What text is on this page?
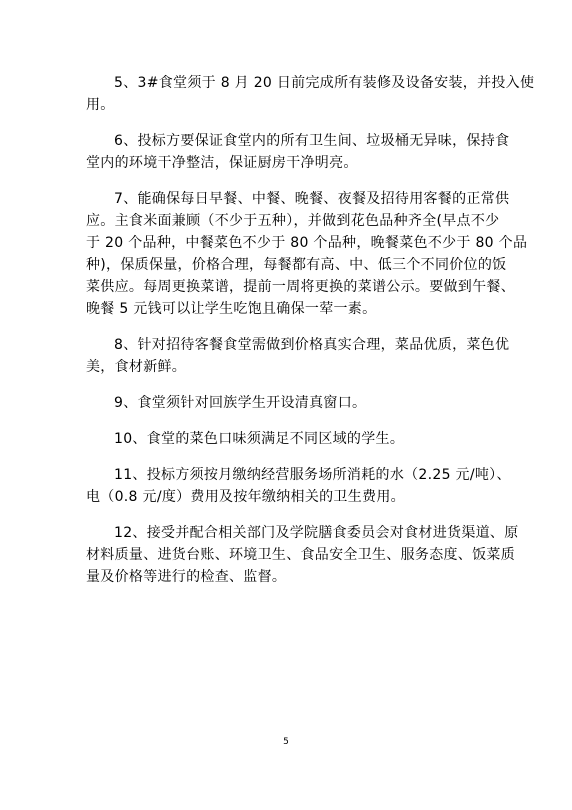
5、3#食堂须于 8 月 20 日前完成所有装修及设备安装，并投入使
用。

6、投标方要保证食堂内的所有卫生间、垃圾桶无异味，保持食
堂内的环境干净整洁，保证厨房干净明亮。

7、能确保每日早餐、中餐、晚餐、夜餐及招待用客餐的正常供
应。主食米面兼顾（不少于五种），并做到花色品种齐全(早点不少
于 20 个品种，中餐菜色不少于 80 个品种，晚餐菜色不少于 80 个品
种)，保质保量，价格合理，每餐都有高、中、低三个不同价位的饭
菜供应。每周更换菜谱，提前一周将更换的菜谱公示。要做到午餐、
晚餐 5 元钱可以让学生吃饱且确保一荤一素。

8、针对招待客餐食堂需做到价格真实合理，菜品优质，菜色优
美，食材新鲜。

9、食堂须针对回族学生开设清真窗口。

10、食堂的菜色口味须满足不同区域的学生。

11、投标方须按月缴纳经营服务场所消耗的水（2.25 元/吨）、
电（0.8 元/度）费用及按年缴纳相关的卫生费用。

12、接受并配合相关部门及学院膳食委员会对食材进货渠道、原
材料质量、进货台账、环境卫生、食品安全卫生、服务态度、饭菜质
量及价格等进行的检查、监督。

5
